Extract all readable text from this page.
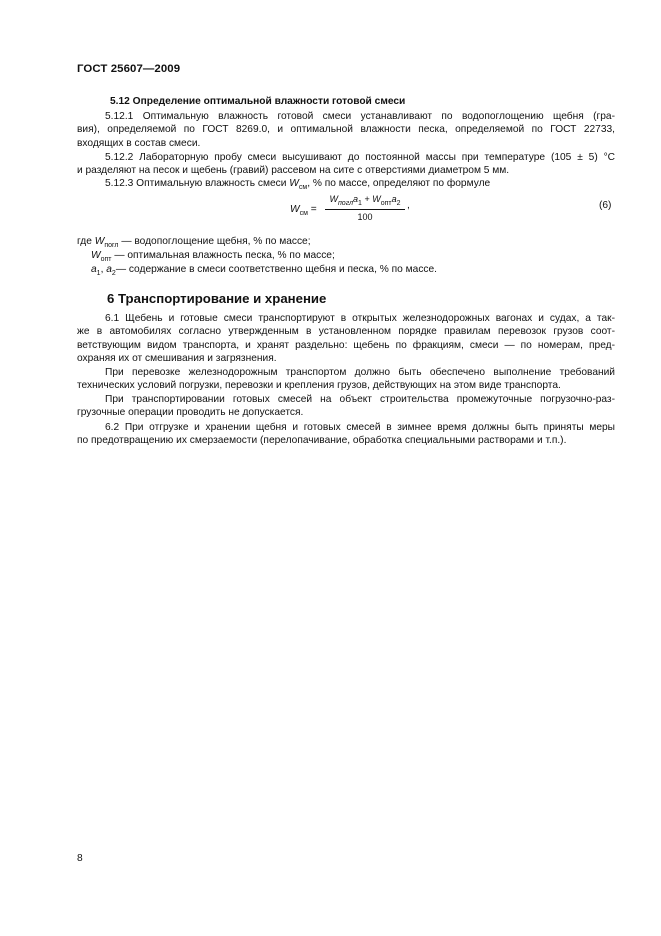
ГОСТ 25607—2009
5.12 Определение оптимальной влажности готовой смеси
5.12.1 Оптимальную влажность готовой смеси устанавливают по водопоглощению щебня (гра-
вия), определяемой по ГОСТ 8269.0, и оптимальной влажности песка, определяемой по ГОСТ 22733,
входящих в состав смеси.
5.12.2 Лабораторную пробу смеси высушивают до постоянной массы при температуре (105 ± 5) °С
и разделяют на песок и щебень (гравий) рассевом на сите с отверстиями диаметром 5 мм.
5.12.3 Оптимальную влажность смеси $W_{см}$, % по массе, определяют по формуле
$W_{см}$ =
$W_{погл}a_1 + W_{опт}a_2$
100
,	(6)
где $W_{погл}$ — водопоглощение щебня, % по массе;
$W_{опт}$ — оптимальная влажность песка, % по массе;
$a_1$, $a_2—$ содержание в смеси соответственно щебня и песка, % по массе.
6 Транспортирование и хранение
6.1 Щебень и готовые смеси транспортируют в открытых железнодорожных вагонах и судах, а так-
же в автомобилях согласно утвержденным в установленном порядке правилам перевозок грузов соот-
ветствующим видом транспорта, и хранят раздельно: щебень по фракциям, смеси — по номерам, пред-
охраняя их от смешивания и загрязнения.
При перевозке железнодорожным транспортом должно быть обеспечено выполнение требований
технических условий погрузки, перевозки и крепления грузов, действующих на этом виде транспорта.
При транспортировании готовых смесей на объект строительства промежуточные погрузочно-раз-
грузочные операции проводить не допускается.
6.2 При отгрузке и хранении щебня и готовых смесей в зимнее время должны быть приняты меры
по предотвращению их смерзаемости (перелопачивание, обработка специальными растворами и т.п.).
8
